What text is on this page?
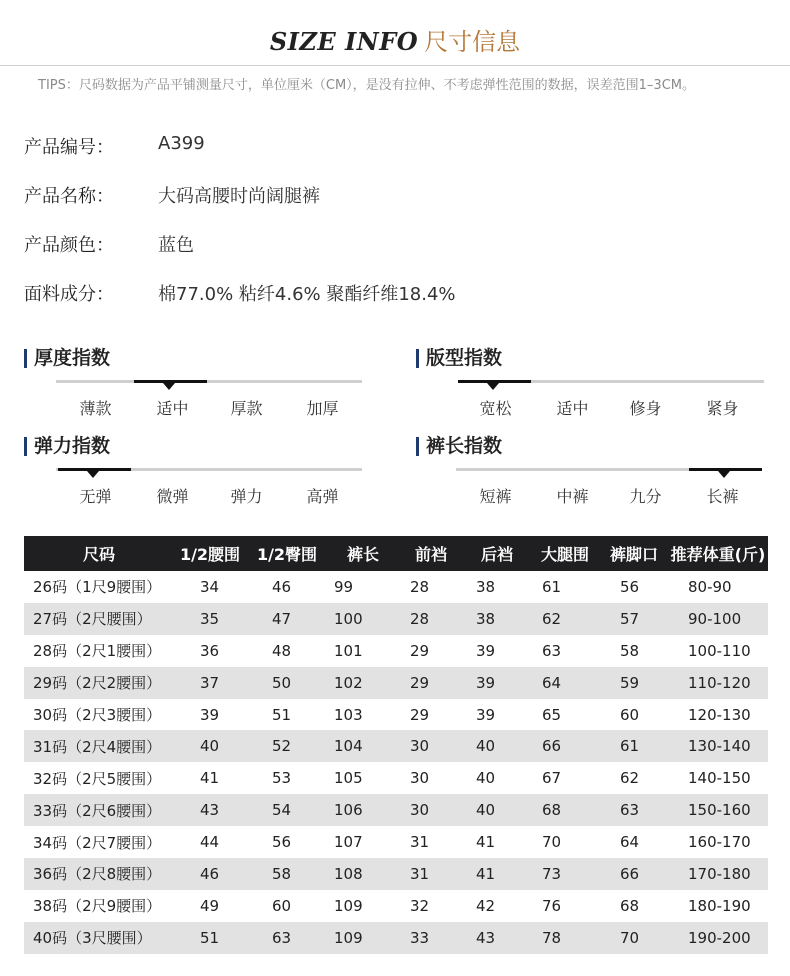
SIZE INFO 尺寸信息
TIPS：尺码数据为产品平铺测量尺寸，单位厘米（CM），是没有拉伸、不考虑弹性范围的数据，误差范围1–3CM。
产品编号： A399
产品名称： 大码高腰时尚阔腿裤
产品颜色： 蓝色
面料成分： 棉77.0% 粘纤4.6% 聚酯纤维18.4%
厚度指数
薄款	适中	厚款	加厚
版型指数
宽松	适中	修身	紧身
弹力指数
无弹	微弹	弹力	高弹
裤长指数
短裤	中裤	九分	长裤
尺码	1/2腰围	1/2臀围	裤长	前裆	后裆	大腿围	裤脚口	推荐体重(斤)
26码（1尺9腰围）	34	46	99	28	38	61	56	80-90
27码（2尺腰围）	35	47	100	28	38	62	57	90-100
28码（2尺1腰围）	36	48	101	29	39	63	58	100-110
29码（2尺2腰围）	37	50	102	29	39	64	59	110-120
30码（2尺3腰围）	39	51	103	29	39	65	60	120-130
31码（2尺4腰围）	40	52	104	30	40	66	61	130-140
32码（2尺5腰围）	41	53	105	30	40	67	62	140-150
33码（2尺6腰围）	43	54	106	30	40	68	63	150-160
34码（2尺7腰围）	44	56	107	31	41	70	64	160-170
36码（2尺8腰围）	46	58	108	31	41	73	66	170-180
38码（2尺9腰围）	49	60	109	32	42	76	68	180-190
40码（3尺腰围）	51	63	109	33	43	78	70	190-200
